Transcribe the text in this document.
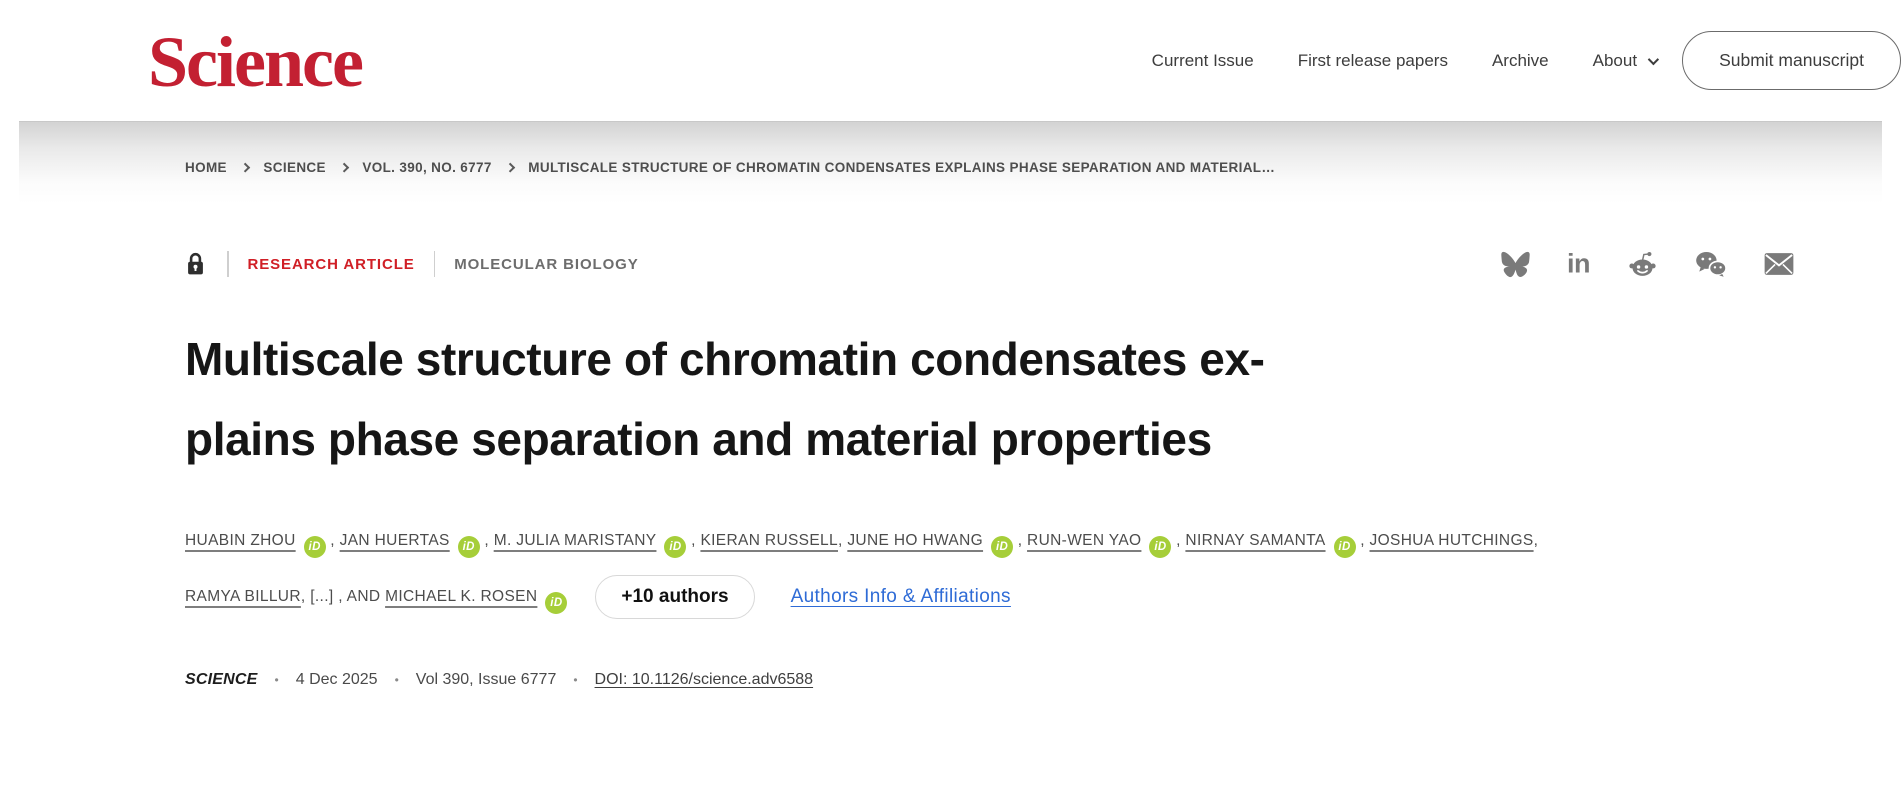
Science	Current Issue	First release papers	Archive	About	Submit manuscript
HOME	SCIENCE	VOL. 390, NO. 6777	MULTISCALE STRUCTURE OF CHROMATIN CONDENSATES EXPLAINS PHASE SEPARATION AND MATERIAL…
RESEARCH ARTICLE	MOLECULAR BIOLOGY	in
Multiscale structure of chromatin condensates ex-
plains phase separation and material properties

HUABIN ZHOU iD , JAN HUERTAS iD , M. JULIA MARISTANY iD , KIERAN RUSSELL, JUNE HO HWANG iD , RUN-WEN YAO iD , NIRNAY SAMANTA iD , JOSHUA HUTCHINGS,
RAMYA BILLUR, [...] , AND MICHAEL K. ROSEN iD	+10 authors	Authors Info & Affiliations

SCIENCE • 4 Dec 2025 • Vol 390, Issue 6777 • DOI: 10.1126/science.adv6588
